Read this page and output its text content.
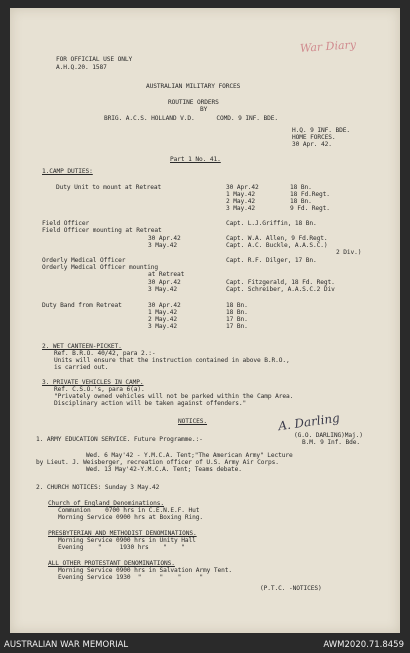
War Diary
FOR OFFICIAL USE ONLY
A.H.Q.20. 1587
AUSTRALIAN MILITARY FORCES
ROUTINE ORDERS
BY
BRIG. A.C.S. HOLLAND V.D.      COMD. 9 INF. BDE.
H.Q. 9 INF. BDE.
HOME FORCES.
30 Apr. 42.
Part 1 No. 41.
1.CAMP DUTIES:
Duty Unit to mount at Retreat	30 Apr.42	18 Bn.
1 May.42	18 Fd.Regt.
2 May.42	18 Bn.
3 May.42	9 Fd. Regt.
Field Officer	Capt. L.J.Griffin, 18 Bn.
Field Officer mounting at Retreat
30 Apr.42	Capt. W.A. Allen, 9 Fd.Regt.
3 May.42	Capt. A.C. Buckle, A.A.S.C.)
2 Div.)
Orderly Medical Officer	Capt. R.F. Dilger, 17 Bn.
Orderly Medical Officer mounting
at Retreat
30 Apr.42	Capt. Fitzgerald, 18 Fd. Regt.
3 May.42	Capt. Schreiber, A.A.S.C.2 Div
Duty Band from Retreat	30 Apr.42	18 Bn.
1 May.42	18 Bn.
2 May.42	17 Bn.
3 May.42	17 Bn.
2. WET CANTEEN-PICKET.
Ref. B.R.O. 40/42, para 2.:-
Units will ensure that the instruction contained in above B.R.O.,
is carried out.
3. PRIVATE VEHICLES IN CAMP.
Ref. C.S.O.'s, para 6(a).
"Privately owned vehicles will not be parked within the Camp Area.
Disciplinary action will be taken against offenders."
NOTICES.	A. Darling
(G.O. DARLING)Maj.)
B.M. 9 Inf. Bde.
1. ARMY EDUCATION SERVICE. Future Programme.:-
Wed. 6 May'42 - Y.M.C.A. Tent;"The American Army" Lecture
by Lieut. J. Weisberger, recreation officer of U.S. Army Air Corps.
Wed. 13 May'42-Y.M.C.A. Tent; Teams debate.
2. CHURCH NOTICES: Sunday 3 May.42
Church of England Denominations.
Communion    0700 hrs in C.E.N.E.F. Hut
Morning Service 0900 hrs at Boxing Ring.
PRESBYTERIAN AND METHODIST DENOMINATIONS.
Morning Service 0900 hrs in Unity Hall
Evening    "     1930 hrs    "    "
ALL OTHER PROTESTANT DENOMINATIONS.
Morning Service 0900 hrs in Salvation Army Tent.
Evening Service 1930  "     "    "     "
(P.T.C. -NOTICES)
AUSTRALIAN WAR MEMORIAL	AWM2020.71.8459
